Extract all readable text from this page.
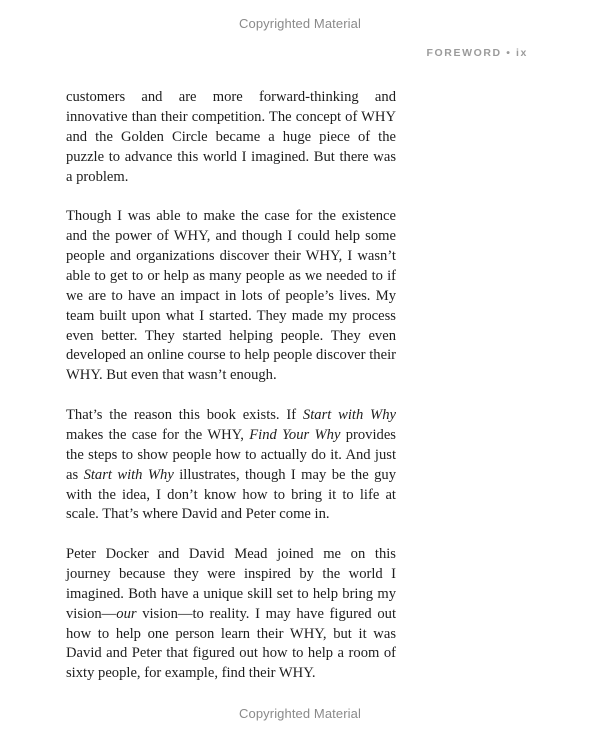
Copyrighted Material
FOREWORD • ix

customers and are more forward-thinking and innovative than their competition. The concept of WHY and the Golden Circle became a huge piece of the puzzle to advance this world I imagined. But there was a problem.

Though I was able to make the case for the existence and the power of WHY, and though I could help some people and organizations discover their WHY, I wasn’t able to get to or help as many people as we needed to if we are to have an impact in lots of people’s lives. My team built upon what I started. They made my process even better. They started helping people. They even developed an online course to help people discover their WHY. But even that wasn’t enough.

That’s the reason this book exists. If Start with Why makes the case for the WHY, Find Your Why provides the steps to show people how to actually do it. And just as Start with Why illustrates, though I may be the guy with the idea, I don’t know how to bring it to life at scale. That’s where David and Peter come in.

Peter Docker and David Mead joined me on this journey because they were inspired by the world I imagined. Both have a unique skill set to help bring my vision—our vision—to reality. I may have figured out how to help one person learn their WHY, but it was David and Peter that figured out how to help a room of sixty people, for example, find their WHY.

Copyrighted Material
